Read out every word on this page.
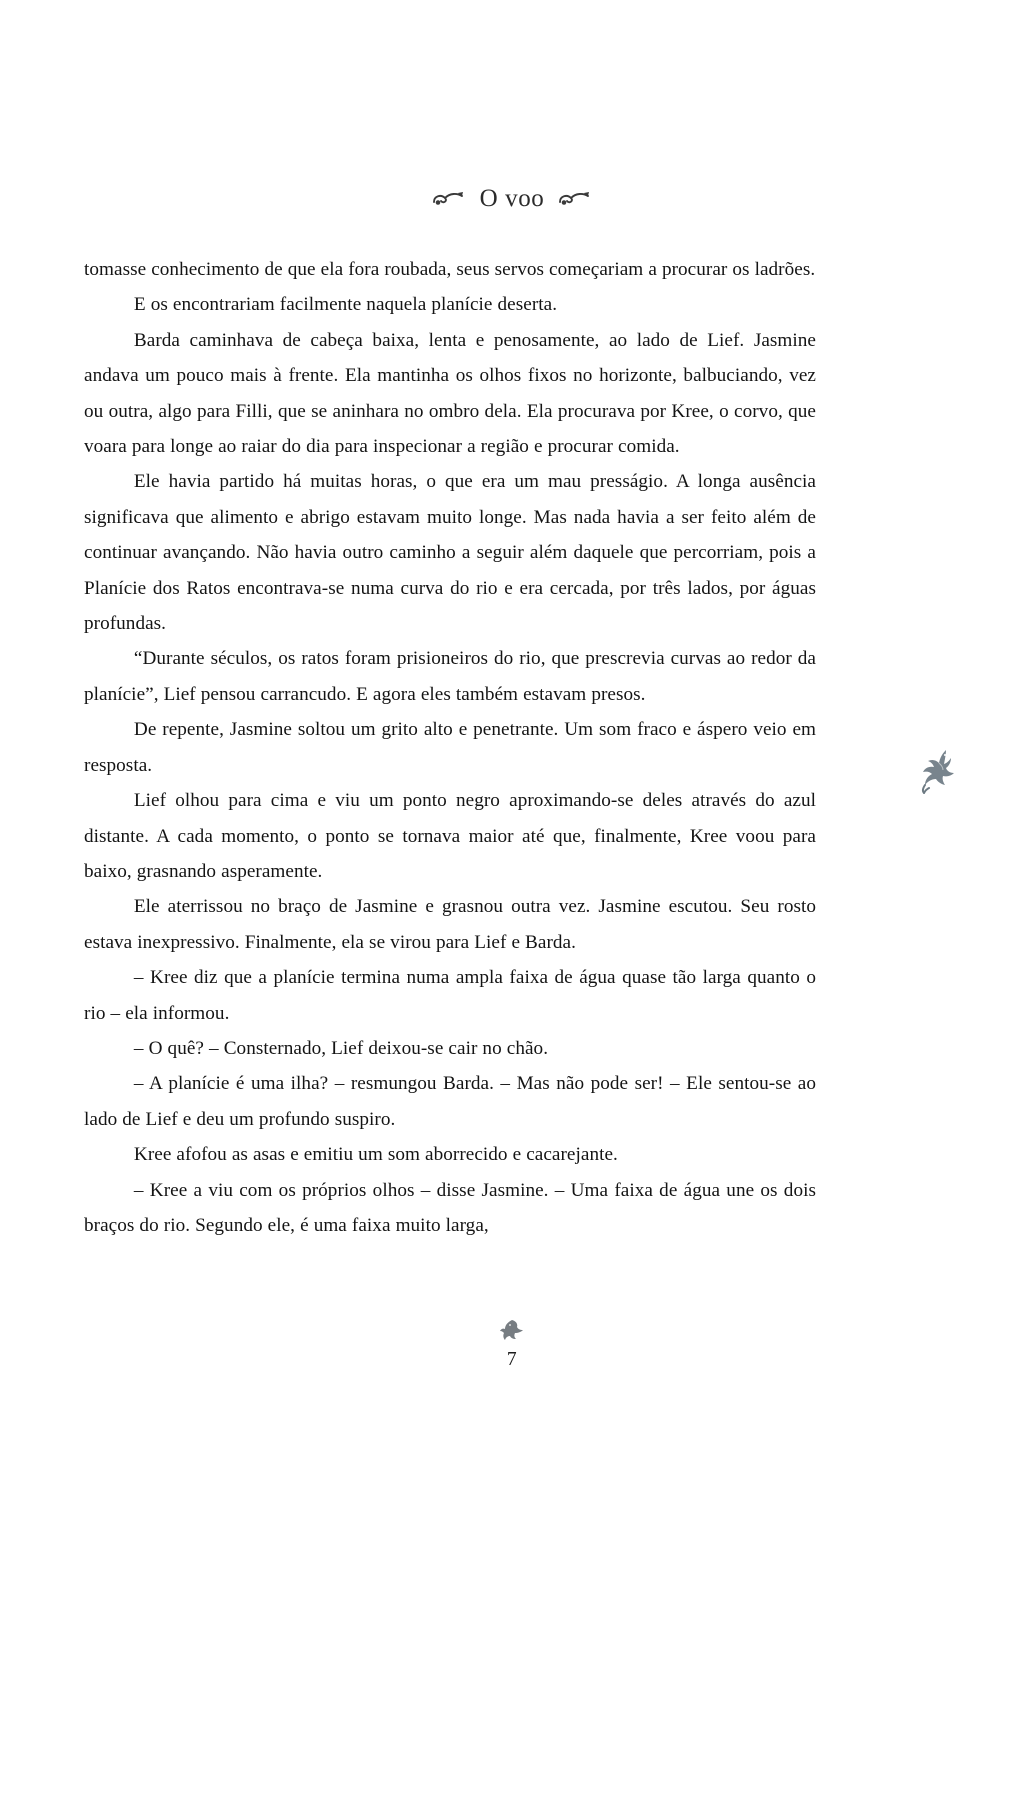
O voo

tomasse conhecimento de que ela fora roubada, seus servos começariam a procurar os ladrões.

E os encontrariam facilmente naquela planície deserta.

Barda caminhava de cabeça baixa, lenta e penosamente, ao lado de Lief. Jasmine andava um pouco mais à frente. Ela mantinha os olhos fixos no horizonte, balbuciando, vez ou outra, algo para Filli, que se aninhara no ombro dela. Ela procurava por Kree, o corvo, que voara para longe ao raiar do dia para inspecionar a região e procurar comida.

Ele havia partido há muitas horas, o que era um mau presságio. A longa ausência significava que alimento e abrigo estavam muito longe. Mas nada havia a ser feito além de continuar avançando. Não havia outro caminho a seguir além daquele que percorriam, pois a Planície dos Ratos encontrava-se numa curva do rio e era cercada, por três lados, por águas profundas.

“Durante séculos, os ratos foram prisioneiros do rio, que prescrevia curvas ao redor da planície”, Lief pensou carrancudo. E agora eles também estavam presos.

De repente, Jasmine soltou um grito alto e penetrante. Um som fraco e áspero veio em resposta.

Lief olhou para cima e viu um ponto negro aproximando-se deles através do azul distante. A cada momento, o ponto se tornava maior até que, finalmente, Kree voou para baixo, grasnando asperamente.

Ele aterrissou no braço de Jasmine e grasnou outra vez. Jasmine escutou. Seu rosto estava inexpressivo. Finalmente, ela se virou para Lief e Barda.

– Kree diz que a planície termina numa ampla faixa de água quase tão larga quanto o rio – ela informou.

– O quê? – Consternado, Lief deixou-se cair no chão.

– A planície é uma ilha? – resmungou Barda. – Mas não pode ser! – Ele sentou-se ao lado de Lief e deu um profundo suspiro.

Kree afofou as asas e emitiu um som aborrecido e cacarejante.

– Kree a viu com os próprios olhos – disse Jasmine. – Uma faixa de água une os dois braços do rio. Segundo ele, é uma faixa muito larga,

7
